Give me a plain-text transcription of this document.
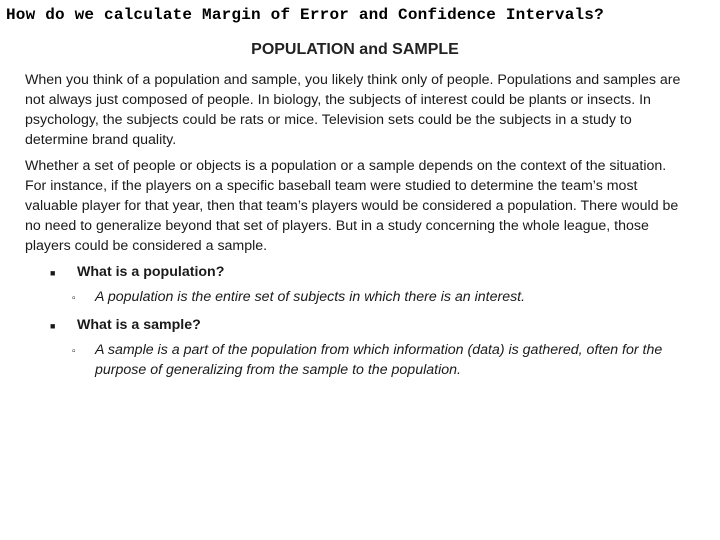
How do we calculate Margin of Error and Confidence Intervals?
POPULATION and SAMPLE

When you think of a population and sample, you likely think only of people. Populations and samples are not always just composed of people. In biology, the subjects of interest could be plants or insects. In psychology, the subjects could be rats or mice. Television sets could be the subjects in a study to determine brand quality.

Whether a set of people or objects is a population or a sample depends on the context of the situation. For instance, if the players on a specific baseball team were studied to determine the team’s most valuable player for that year, then that team’s players would be considered a population. There would be no need to generalize beyond that set of players. But in a study concerning the whole league, those players could be considered a sample.

■	What is a population?
▫	A population is the entire set of subjects in which there is an interest.
■	What is a sample?
▫	A sample is a part of the population from which information (data) is gathered, often for the purpose of generalizing from the sample to the population.
